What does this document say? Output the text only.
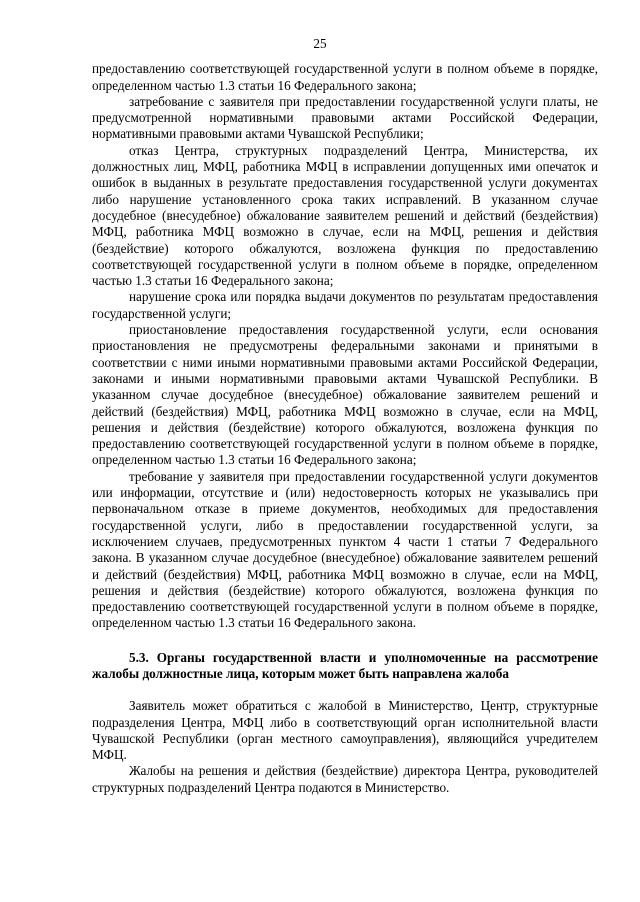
25

предоставлению соответствующей государственной услуги в полном объеме в порядке, определенном частью 1.3 статьи 16 Федерального закона;

затребование с заявителя при предоставлении государственной услуги платы, не предусмотренной нормативными правовыми актами Российской Федерации, нормативными правовыми актами Чувашской Республики;

отказ Центра, структурных подразделений Центра, Министерства, их должностных лиц, МФЦ, работника МФЦ в исправлении допущенных ими опечаток и ошибок в выданных в результате предоставления государственной услуги документах либо нарушение установленного срока таких исправлений. В указанном случае досудебное (внесудебное) обжалование заявителем решений и действий (бездействия) МФЦ, работника МФЦ возможно в случае, если на МФЦ, решения и действия (бездействие) которого обжалуются, возложена функция по предоставлению соответствующей государственной услуги в полном объеме в порядке, определенном частью 1.3 статьи 16 Федерального закона;

нарушение срока или порядка выдачи документов по результатам предоставления государственной услуги;

приостановление предоставления государственной услуги, если основания приостановления не предусмотрены федеральными законами и принятыми в соответствии с ними иными нормативными правовыми актами Российской Федерации, законами и иными нормативными правовыми актами Чувашской Республики. В указанном случае досудебное (внесудебное) обжалование заявителем решений и действий (бездействия) МФЦ, работника МФЦ возможно в случае, если на МФЦ, решения и действия (бездействие) которого обжалуются, возложена функция по предоставлению соответствующей государственной услуги в полном объеме в порядке, определенном частью 1.3 статьи 16 Федерального закона;

требование у заявителя при предоставлении государственной услуги документов или информации, отсутствие и (или) недостоверность которых не указывались при первоначальном отказе в приеме документов, необходимых для предоставления государственной услуги, либо в предоставлении государственной услуги, за исключением случаев, предусмотренных пунктом 4 части 1 статьи 7 Федерального закона. В указанном случае досудебное (внесудебное) обжалование заявителем решений и действий (бездействия) МФЦ, работника МФЦ возможно в случае, если на МФЦ, решения и действия (бездействие) которого обжалуются, возложена функция по предоставлению соответствующей государственной услуги в полном объеме в порядке, определенном частью 1.3 статьи 16 Федерального закона.

5.3. Органы государственной власти и уполномоченные на рассмотрение жалобы должностные лица, которым может быть направлена жалоба

Заявитель может обратиться с жалобой в Министерство, Центр, структурные подразделения Центра, МФЦ либо в соответствующий орган исполнительной власти Чувашской Республики (орган местного самоуправления), являющийся учредителем МФЦ.

Жалобы на решения и действия (бездействие) директора Центра, руководителей структурных подразделений Центра подаются в Министерство.
